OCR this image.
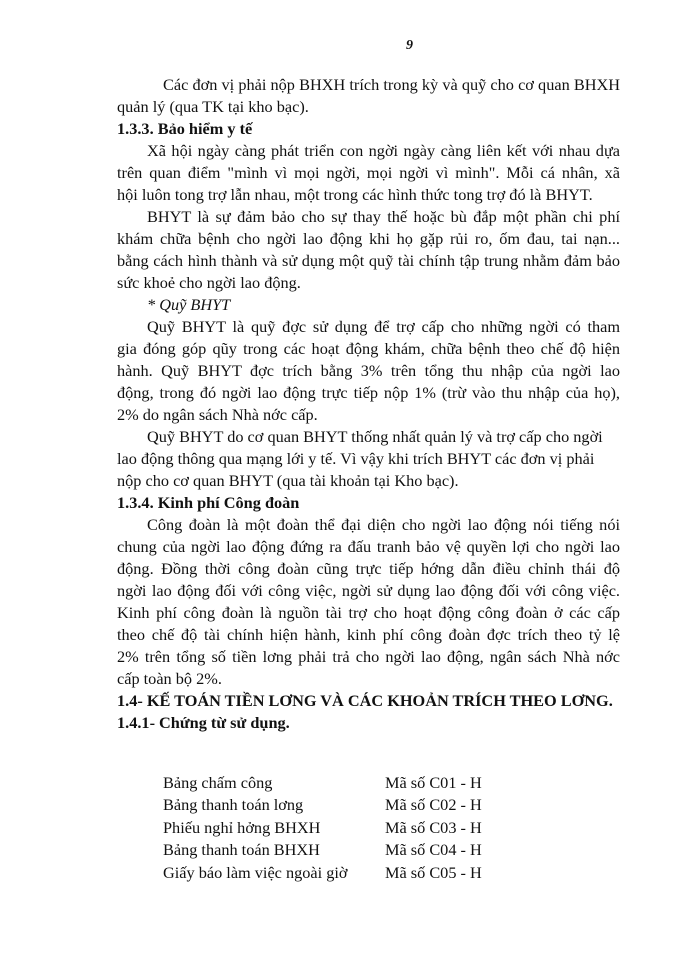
9
Các đơn vị phải nộp BHXH trích trong kỳ và quỹ cho cơ quan BHXH
quản lý (qua TK tại kho bạc).
1.3.3. Bảo hiểm y tế
Xã hội ngày càng phát triển con ngời ngày càng liên kết với nhau dựa
trên quan điểm "mình vì mọi ngời, mọi ngời vì mình". Mỗi cá nhân, xã
hội luôn tong trợ lẫn nhau, một trong các hình thức tong trợ đó là BHYT.
BHYT là sự đảm bảo cho sự thay thế hoặc bù đắp một phần chi phí
khám chữa bệnh cho ngời lao động khi họ gặp rủi ro, ốm đau, tai nạn...
bằng cách hình thành và sử dụng một quỹ tài chính tập trung nhằm đảm bảo
sức khoẻ cho ngời lao động.
* Quỹ BHYT
Quỹ BHYT là quỹ đợc sử dụng để trợ cấp cho những ngời có tham
gia đóng góp qũy trong các hoạt động khám, chữa bệnh theo chế độ hiện
hành. Quỹ BHYT đợc trích bằng 3% trên tổng thu nhập của ngời lao
động, trong đó ngời lao động trực tiếp nộp 1% (trừ vào thu nhập của họ),
2% do ngân sách Nhà nớc cấp.
Quỹ BHYT do cơ quan BHYT thống nhất quản lý và trợ cấp cho ngời
lao động thông qua mạng lới y tế. Vì vậy khi trích BHYT các đơn vị phải
nộp cho cơ quan BHYT (qua tài khoản tại Kho bạc).
1.3.4. Kinh phí Công đoàn
Công đoàn là một đoàn thể đại diện cho ngời lao động nói tiếng nói
chung của ngời lao động đứng ra đấu tranh bảo vệ quyền lợi cho ngời lao
động. Đồng thời công đoàn cũng trực tiếp hớng dẫn điều chỉnh thái độ
ngời lao động đối với công việc, ngời sử dụng lao động đối với công việc.
Kinh phí công đoàn là nguồn tài trợ cho hoạt động công đoàn ở các cấp
theo chế độ tài chính hiện hành, kinh phí công đoàn đợc trích theo tỷ lệ
2% trên tổng số tiền lơng phải trả cho ngời lao động, ngân sách Nhà nớc
cấp toàn bộ 2%.
1.4- KẾ TOÁN TIỀN LƠNG VÀ CÁC KHOẢN TRÍCH THEO LƠNG.
1.4.1- Chứng từ sử dụng.
Bảng chấm công	Mã số C01 - H
Bảng thanh toán lơng	Mã số C02 - H
Phiếu nghỉ hởng BHXH	Mã số C03 - H
Bảng thanh toán BHXH	Mã số C04 - H
Giấy báo làm việc ngoài giờ	Mã số C05 - H
